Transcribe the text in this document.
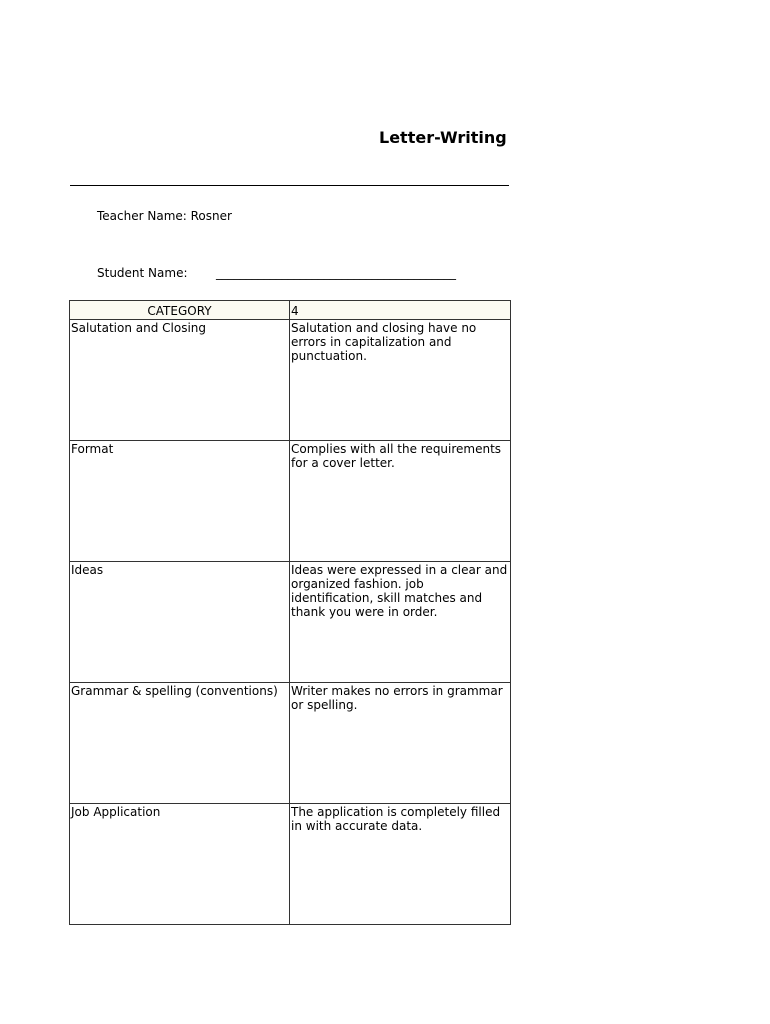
Letter-Writing
Teacher Name: Rosner
Student Name: ________________________________________
CATEGORY	4
Salutation and Closing	Salutation and closing have no errors in capitalization and punctuation.
Format	Complies with all the requirements for a cover letter.
Ideas	Ideas were expressed in a clear and organized fashion. job identification, skill matches and thank you were in order.
Grammar & spelling (conventions)	Writer makes no errors in grammar or spelling.
Job Application	The application is completely filled in with accurate data.
